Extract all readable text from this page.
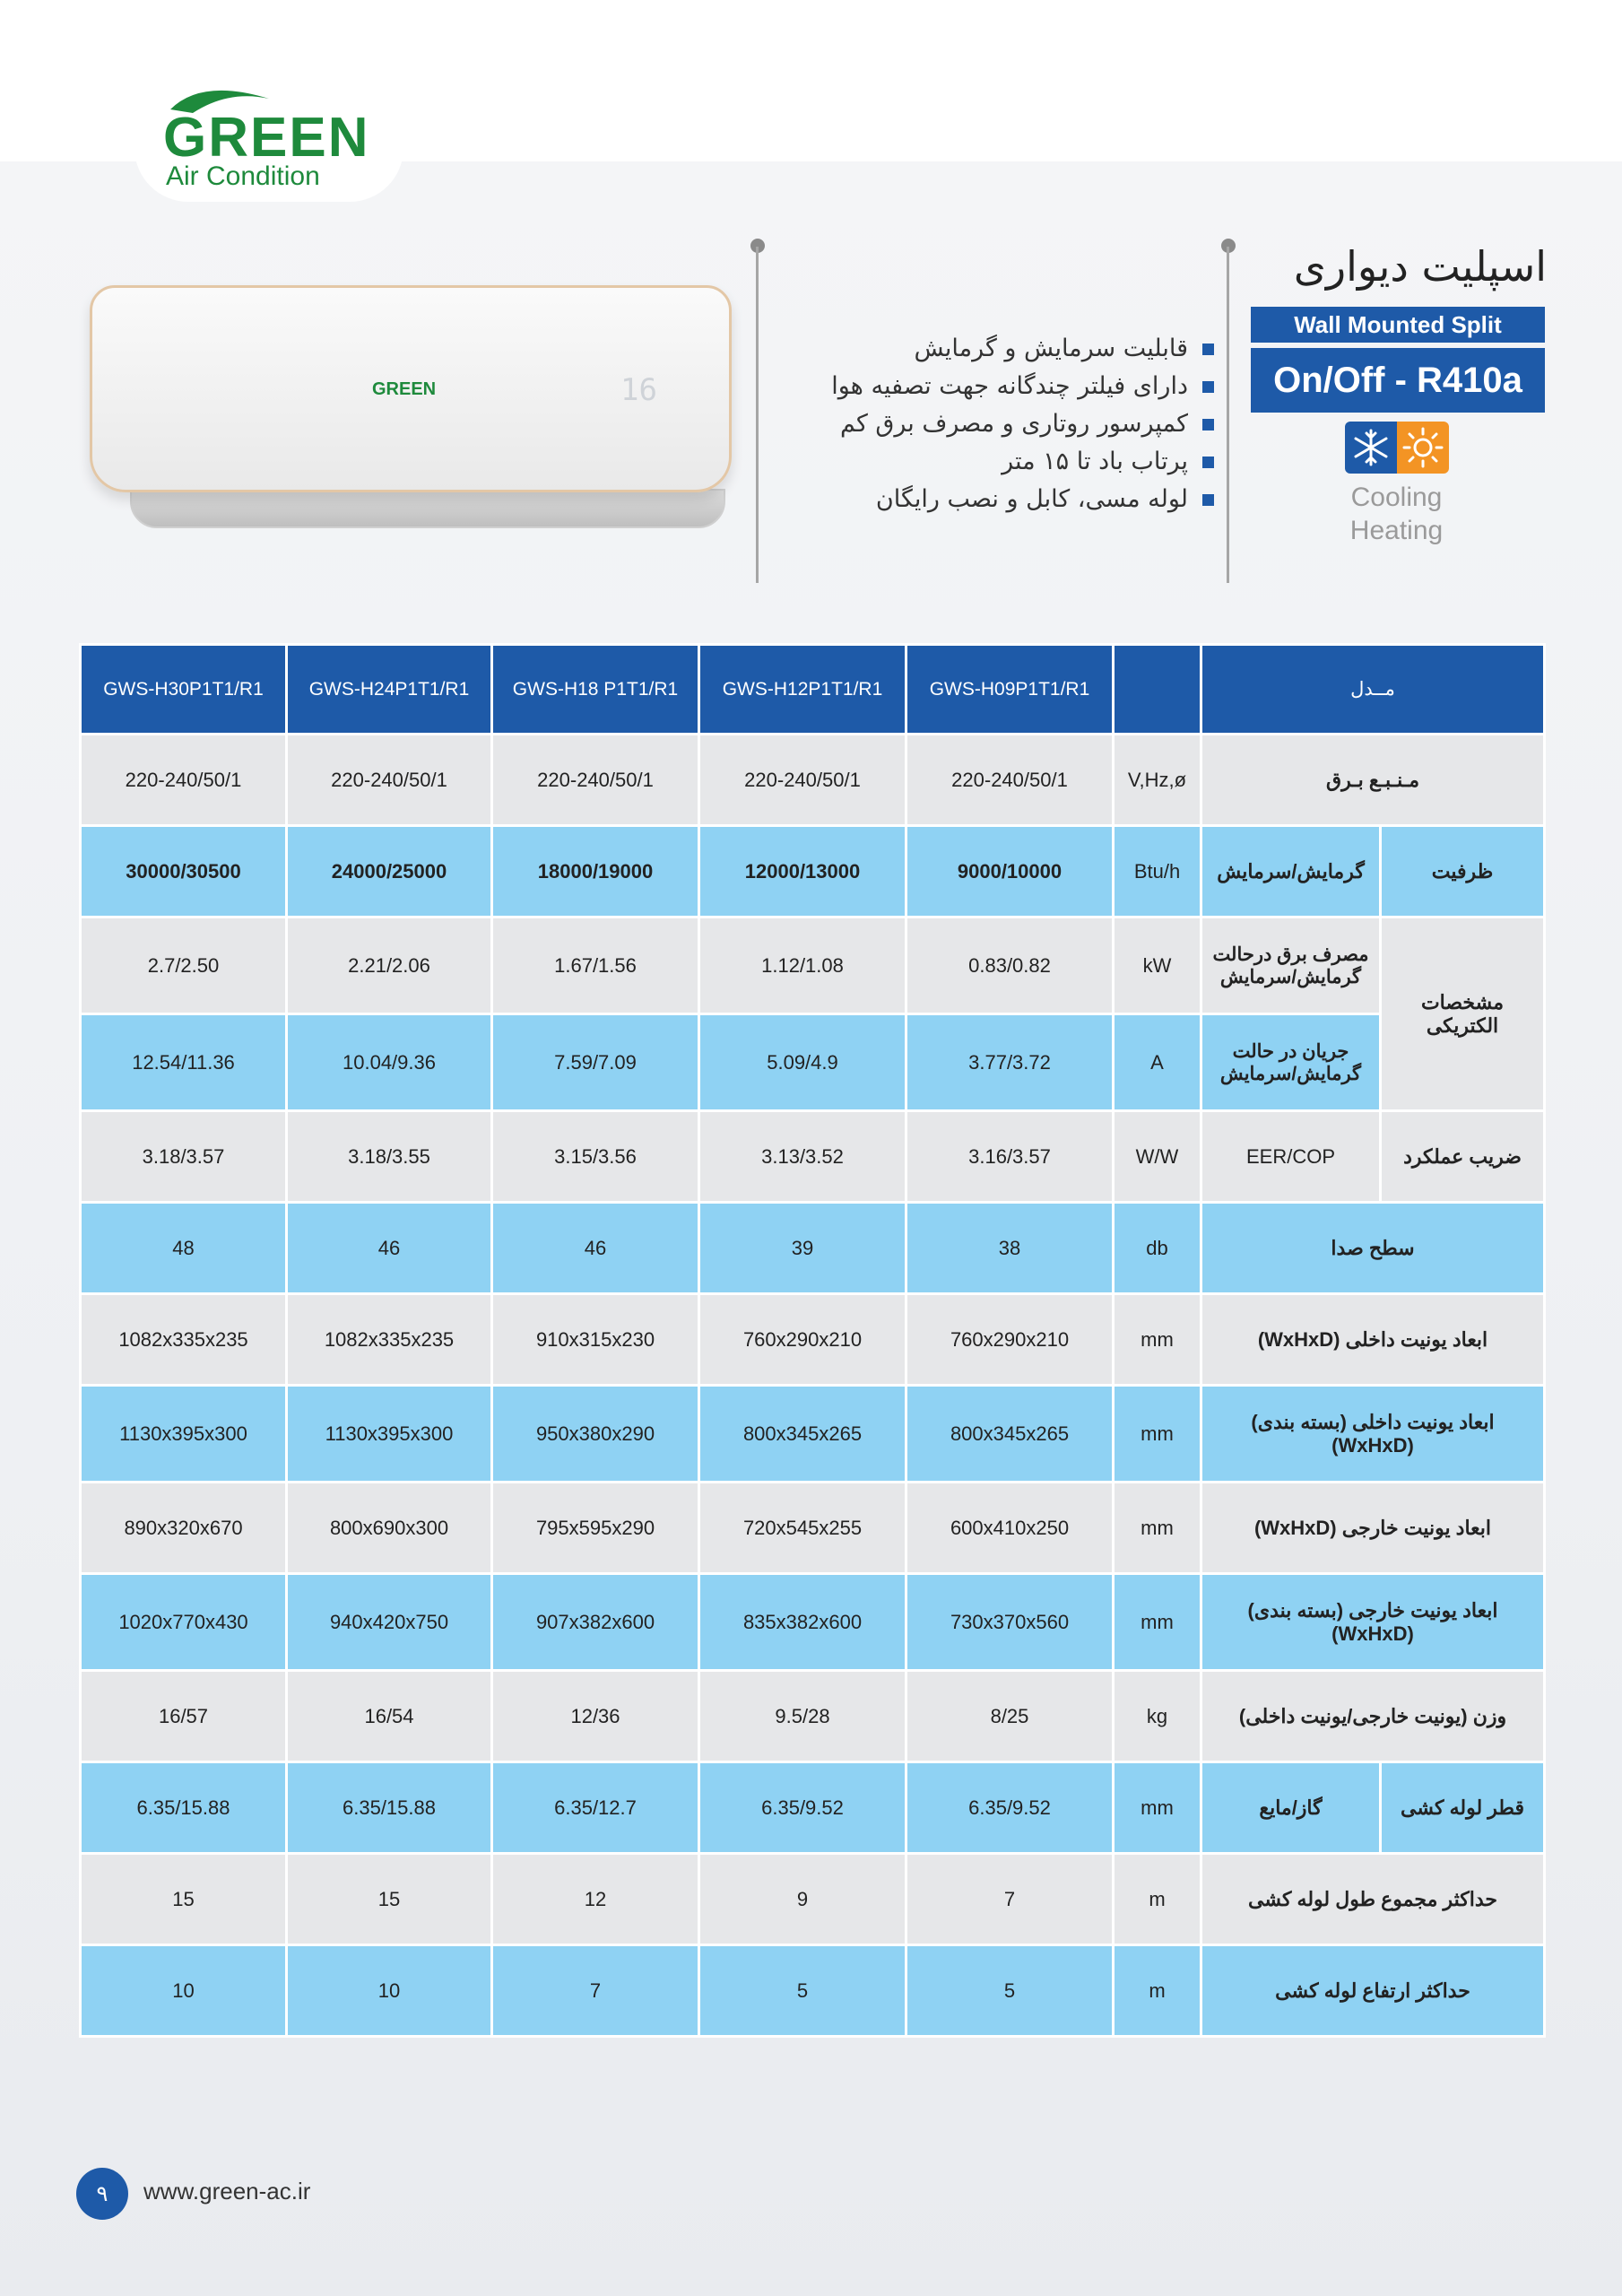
GREEN
Air Condition
GREEN	16
قابلیت سرمایش و گرمایش
دارای فیلتر چندگانه جهت تصفیه هوا
کمپرسور روتاری و مصرف برق کم
پرتاب باد تا ۱۵ متر
لوله مسی، کابل و نصب رایگان
اسپلیت دیواری
Wall Mounted Split
On/Off - R410a
Cooling
Heating
مــدل			GWS-H09P1T1/R1	GWS-H12P1T1/R1	GWS-H18 P1T1/R1	GWS-H24P1T1/R1	GWS-H30P1T1/R1
مـنـبـع بـرق		V,Hz,ø	220-240/50/1	220-240/50/1	220-240/50/1	220-240/50/1	220-240/50/1
ظرفیت	گرمایش/سرمایش	Btu/h	9000/10000	12000/13000	18000/19000	24000/25000	30000/30500
مشخصات الکتریکی	مصرف برق درحالت گرمایش/سرمایش	kW	0.83/0.82	1.12/1.08	1.67/1.56	2.21/2.06	2.7/2.50
	جریان در حالت گرمایش/سرمایش	A	3.77/3.72	5.09/4.9	7.59/7.09	10.04/9.36	12.54/11.36
ضریب عملکرد	EER/COP	W/W	3.16/3.57	3.13/3.52	3.15/3.56	3.18/3.55	3.18/3.57
سطح صدا		db	38	39	46	46	48
ابعاد یونیت داخلی (WxHxD)		mm	760x290x210	760x290x210	910x315x230	1082x335x235	1082x335x235
ابعاد یونیت داخلی (بسته بندی) (WxHxD)		mm	800x345x265	800x345x265	950x380x290	1130x395x300	1130x395x300
ابعاد یونیت خارجی (WxHxD)		mm	600x410x250	720x545x255	795x595x290	800x690x300	890x320x670
ابعاد یونیت خارجی (بسته بندی) (WxHxD)		mm	730x370x560	835x382x600	907x382x600	940x420x750	1020x770x430
وزن (یونیت خارجی/یونیت داخلی)		kg	8/25	9.5/28	12/36	16/54	16/57
قطر لوله کشی	گاز/مایع	mm	6.35/9.52	6.35/9.52	6.35/12.7	6.35/15.88	6.35/15.88
حداکثر مجموع طول لوله کشی		m	7	9	12	15	15
حداکثر ارتفاع لوله کشی		m	5	5	7	10	10
۹	www.green-ac.ir
